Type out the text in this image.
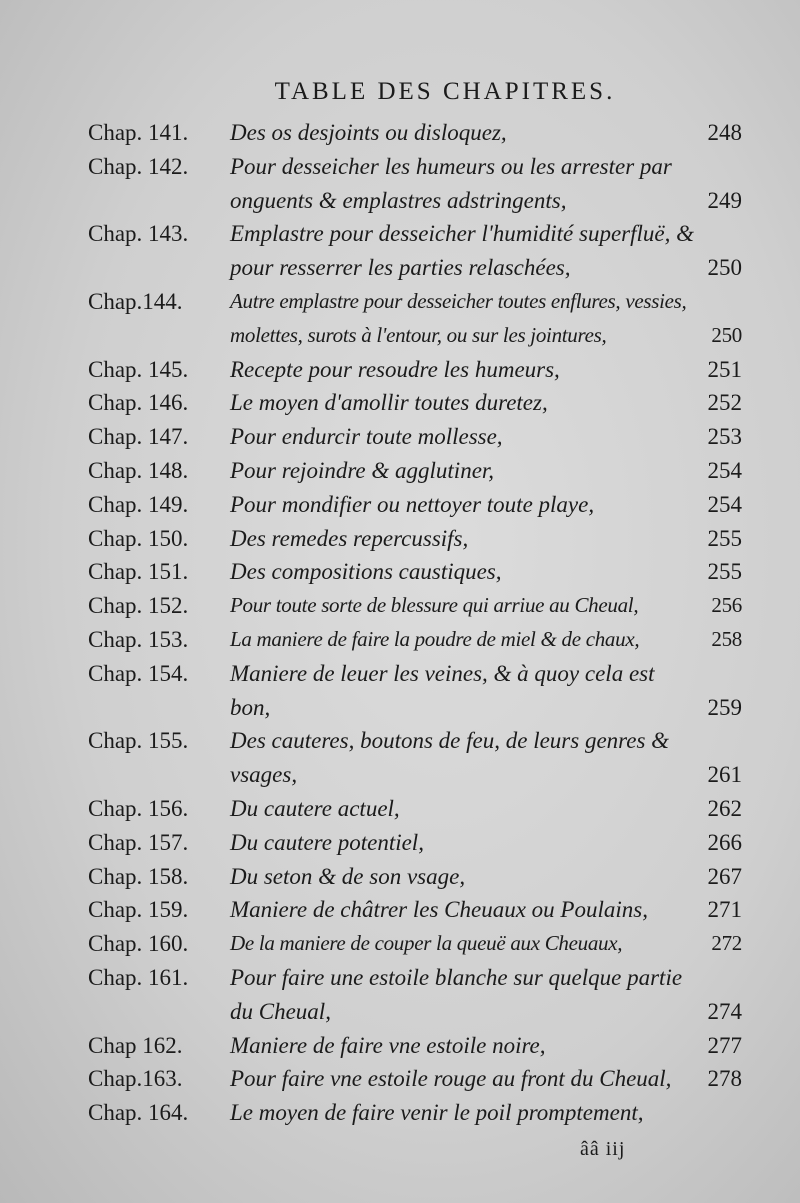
TABLE DES CHAPITRES.
Chap. 141.	Des os desjoints ou disloquez,	248
Chap. 142.	Pour desseicher les humeurs ou les arrester par
onguents & emplastres adstringents,	249
Chap. 143.	Emplastre pour desseicher l'humidité superfluë, &
pour resserrer les parties relaschées,	250
Chap.144.	Autre emplastre pour desseicher toutes enflures, vessies,
molettes, surots à l'entour, ou sur les jointures,	250
Chap. 145.	Recepte pour resoudre les humeurs,	251
Chap. 146.	Le moyen d'amollir toutes duretez,	252
Chap. 147.	Pour endurcir toute mollesse,	253
Chap. 148.	Pour rejoindre & agglutiner,	254
Chap. 149.	Pour mondifier ou nettoyer toute playe,	254
Chap. 150.	Des remedes repercussifs,	255
Chap. 151.	Des compositions caustiques,	255
Chap. 152.	Pour toute sorte de blessure qui arriue au Cheual,	256
Chap. 153.	La maniere de faire la poudre de miel & de chaux,	258
Chap. 154.	Maniere de leuer les veines, & à quoy cela est
bon,	259
Chap. 155.	Des cauteres, boutons de feu, de leurs genres &
vsages,	261
Chap. 156.	Du cautere actuel,	262
Chap. 157.	Du cautere potentiel,	266
Chap. 158.	Du seton & de son vsage,	267
Chap. 159.	Maniere de châtrer les Cheuaux ou Poulains,	271
Chap. 160.	De la maniere de couper la queuë aux Cheuaux,	272
Chap. 161.	Pour faire une estoile blanche sur quelque partie
du Cheual,	274
Chap 162.	Maniere de faire vne estoile noire,	277
Chap.163.	Pour faire vne estoile rouge au front du Cheual,	278
Chap. 164.	Le moyen de faire venir le poil promptement,
ââ iij
